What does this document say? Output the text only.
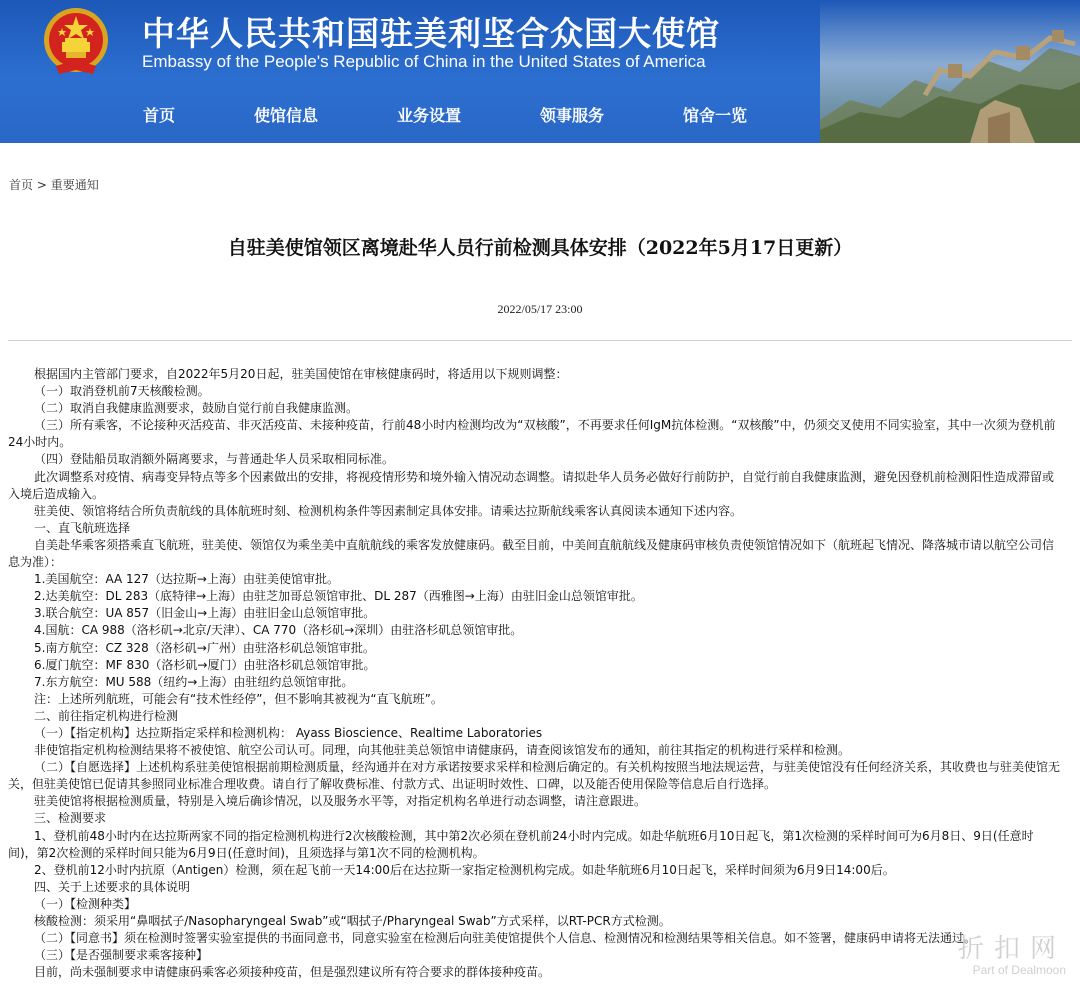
中华人民共和国驻美利坚合众国大使馆
Embassy of the People's Republic of China in the United States of America
首页	使馆信息	业务设置	领事服务	馆舍一览
首页 > 重要通知
自驻美使馆领区离境赴华人员行前检测具体安排（2022年5月17日更新）
2022/05/17 23:00

根据国内主管部门要求，自2022年5月20日起，驻美国使馆在审核健康码时，将适用以下规则调整：

（一）取消登机前7天核酸检测。

（二）取消自我健康监测要求，鼓励自觉行前自我健康监测。

（三）所有乘客，不论接种灭活疫苗、非灭活疫苗、未接种疫苗，行前48小时内检测均改为“双核酸”，不再要求任何IgM抗体检测。“双核酸”中，仍须交叉使用不同实验室，其中一次须为登机前24小时内。

（四）登陆船员取消额外隔离要求，与普通赴华人员采取相同标准。

此次调整系对疫情、病毒变异特点等多个因素做出的安排，将视疫情形势和境外输入情况动态调整。请拟赴华人员务必做好行前防护，自觉行前自我健康监测，避免因登机前检测阳性造成滞留或入境后造成输入。

驻美使、领馆将结合所负责航线的具体航班时刻、检测机构条件等因素制定具体安排。请乘达拉斯航线乘客认真阅读本通知下述内容。

一、直飞航班选择

自美赴华乘客须搭乘直飞航班，驻美使、领馆仅为乘坐美中直航航线的乘客发放健康码。截至目前，中美间直航航线及健康码审核负责使领馆情况如下（航班起飞情况、降落城市请以航空公司信息为准）：

1.美国航空：AA 127（达拉斯→上海）由驻美使馆审批。

2.达美航空：DL 283（底特律→上海）由驻芝加哥总领馆审批、DL 287（西雅图→上海）由驻旧金山总领馆审批。

3.联合航空：UA 857（旧金山→上海）由驻旧金山总领馆审批。

4.国航：CA 988（洛杉矶→北京/天津）、CA 770（洛杉矶→深圳）由驻洛杉矶总领馆审批。

5.南方航空：CZ 328（洛杉矶→广州）由驻洛杉矶总领馆审批。

6.厦门航空：MF 830（洛杉矶→厦门）由驻洛杉矶总领馆审批。

7.东方航空：MU 588（纽约→上海）由驻纽约总领馆审批。

注：上述所列航班，可能会有“技术性经停”，但不影响其被视为“直飞航班”。

二、前往指定机构进行检测

（一）【指定机构】达拉斯指定采样和检测机构： Ayass Bioscience、Realtime Laboratories

非使馆指定机构检测结果将不被使馆、航空公司认可。同理，向其他驻美总领馆申请健康码，请查阅该馆发布的通知，前往其指定的机构进行采样和检测。

（二）【自愿选择】上述机构系驻美使馆根据前期检测质量，经沟通并在对方承诺按要求采样和检测后确定的。有关机构按照当地法规运营，与驻美使馆没有任何经济关系，其收费也与驻美使馆无关，但驻美使馆已促请其参照同业标准合理收费。请自行了解收费标准、付款方式、出证明时效性、口碑，以及能否使用保险等信息后自行选择。

驻美使馆将根据检测质量，特别是入境后确诊情况，以及服务水平等，对指定机构名单进行动态调整，请注意跟进。

三、检测要求

1、登机前48小时内在达拉斯两家不同的指定检测机构进行2次核酸检测，其中第2次必须在登机前24小时内完成。如赴华航班6月10日起飞，第1次检测的采样时间可为6月8日、9日(任意时间)，第2次检测的采样时间只能为6月9日(任意时间)，且须选择与第1次不同的检测机构。

2、登机前12小时内抗原（Antigen）检测，须在起飞前一天14:00后在达拉斯一家指定检测机构完成。如赴华航班6月10日起飞，采样时间须为6月9日14:00后。

四、关于上述要求的具体说明

（一）【检测种类】

核酸检测：须采用“鼻咽拭子/Nasopharyngeal Swab”或“咽拭子/Pharyngeal Swab”方式采样，以RT-PCR方式检测。

（二）【同意书】须在检测时签署实验室提供的书面同意书，同意实验室在检测后向驻美使馆提供个人信息、检测情况和检测结果等相关信息。如不签署，健康码申请将无法通过。

（三）【是否强制要求乘客接种】

目前，尚未强制要求申请健康码乘客必须接种疫苗，但是强烈建议所有符合要求的群体接种疫苗。

折扣网
Part of Dealmoon
